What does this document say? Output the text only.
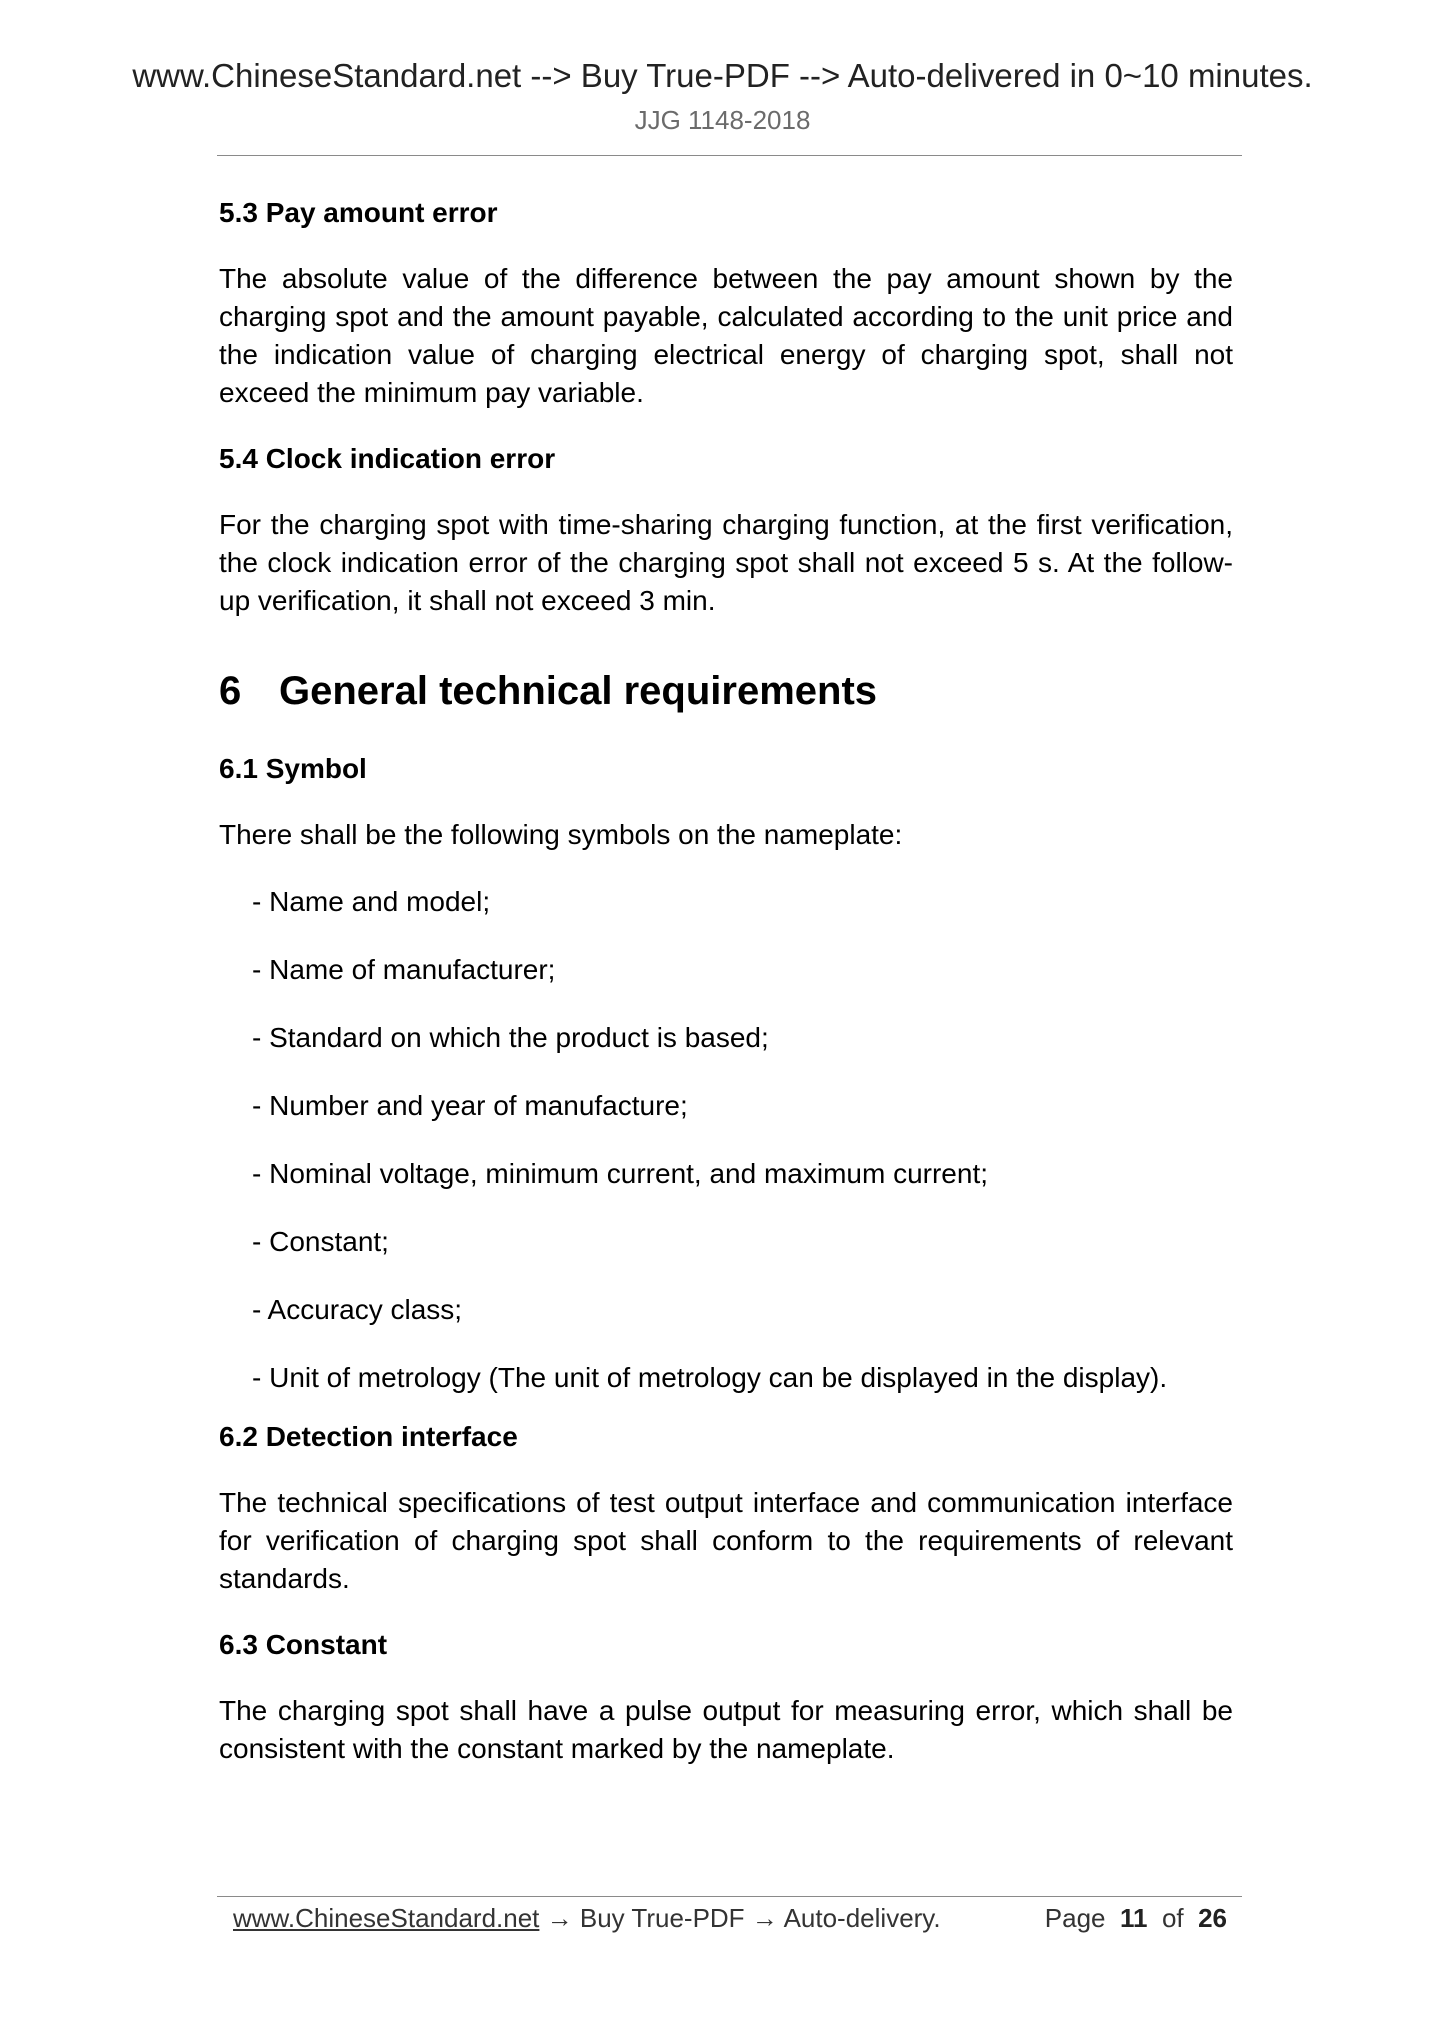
www.ChineseStandard.net --> Buy True-PDF --> Auto-delivered in 0~10 minutes.
JJG 1148-2018
5.3 Pay amount error
The absolute value of the difference between the pay amount shown by the charging spot and the amount payable, calculated according to the unit price and the indication value of charging electrical energy of charging spot, shall not exceed the minimum pay variable.
5.4 Clock indication error
For the charging spot with time-sharing charging function, at the first verification, the clock indication error of the charging spot shall not exceed 5 s. At the follow-up verification, it shall not exceed 3 min.
6 General technical requirements
6.1 Symbol
There shall be the following symbols on the nameplate:
- Name and model;
- Name of manufacturer;
- Standard on which the product is based;
- Number and year of manufacture;
- Nominal voltage, minimum current, and maximum current;
- Constant;
- Accuracy class;
- Unit of metrology (The unit of metrology can be displayed in the display).
6.2 Detection interface
The technical specifications of test output interface and communication interface for verification of charging spot shall conform to the requirements of relevant standards.
6.3 Constant
The charging spot shall have a pulse output for measuring error, which shall be consistent with the constant marked by the nameplate.
www.ChineseStandard.net → Buy True-PDF → Auto-delivery.	Page 11 of 26
